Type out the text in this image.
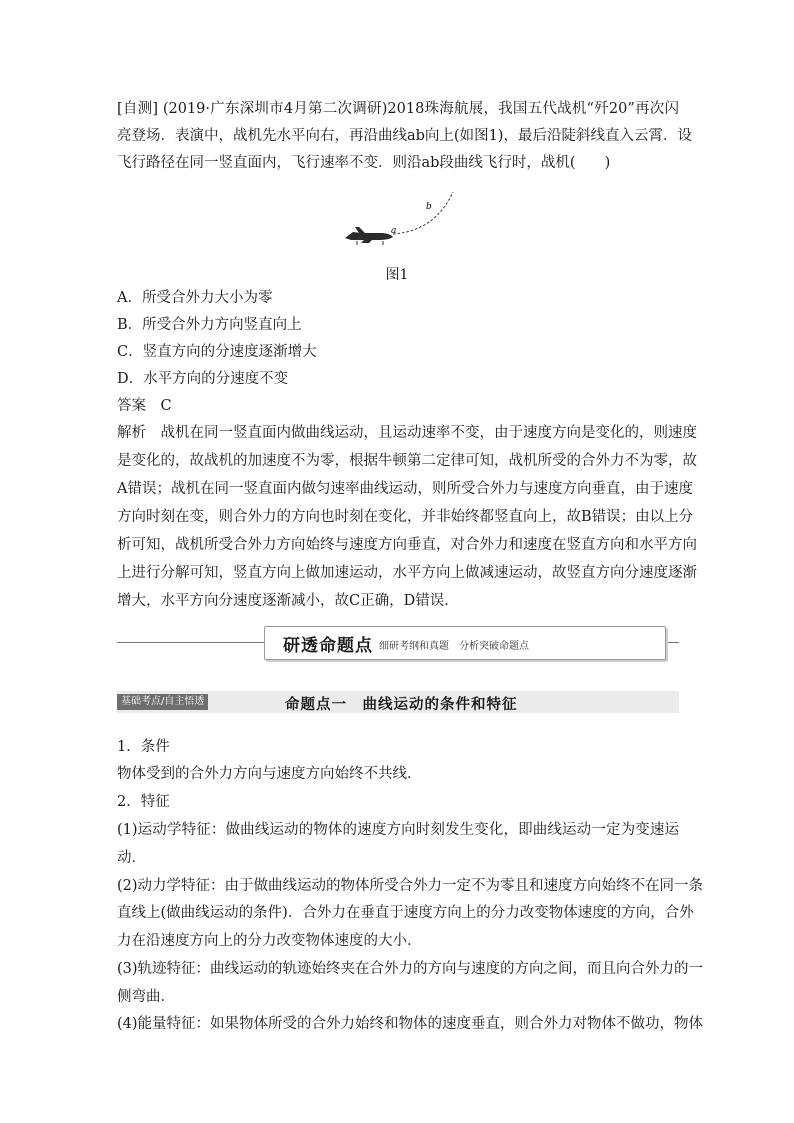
[自测] (2019·广东深圳市4月第二次调研)2018珠海航展，我国五代战机“歼20”再次闪
亮登场．表演中，战机先水平向右，再沿曲线ab向上(如图1)，最后沿陡斜线直入云霄．设
飞行路径在同一竖直面内，飞行速率不变．则沿ab段曲线飞行时，战机(　　)
a
b
图1
A．所受合外力大小为零
B．所受合外力方向竖直向上
C．竖直方向的分速度逐渐增大
D．水平方向的分速度不变
答案　C
解析　战机在同一竖直面内做曲线运动，且运动速率不变，由于速度方向是变化的，则速度
是变化的，故战机的加速度不为零，根据牛顿第二定律可知，战机所受的合外力不为零，故
A错误；战机在同一竖直面内做匀速率曲线运动，则所受合外力与速度方向垂直，由于速度
方向时刻在变，则合外力的方向也时刻在变化，并非始终都竖直向上，故B错误；由以上分
析可知，战机所受合外力方向始终与速度方向垂直，对合外力和速度在竖直方向和水平方向
上进行分解可知，竖直方向上做加速运动，水平方向上做减速运动，故竖直方向分速度逐渐
增大，水平方向分速度逐渐减小，故C正确，D错误．
研透命题点 细研考纲和真题　分析突破命题点
基础考点/自主悟透	命题点一　曲线运动的条件和特征
1．条件
物体受到的合外力方向与速度方向始终不共线．
2．特征
(1)运动学特征：做曲线运动的物体的速度方向时刻发生变化，即曲线运动一定为变速运
动．
(2)动力学特征：由于做曲线运动的物体所受合外力一定不为零且和速度方向始终不在同一条
直线上(做曲线运动的条件)．合外力在垂直于速度方向上的分力改变物体速度的方向，合外
力在沿速度方向上的分力改变物体速度的大小．
(3)轨迹特征：曲线运动的轨迹始终夹在合外力的方向与速度的方向之间，而且向合外力的一
侧弯曲．
(4)能量特征：如果物体所受的合外力始终和物体的速度垂直，则合外力对物体不做功，物体
